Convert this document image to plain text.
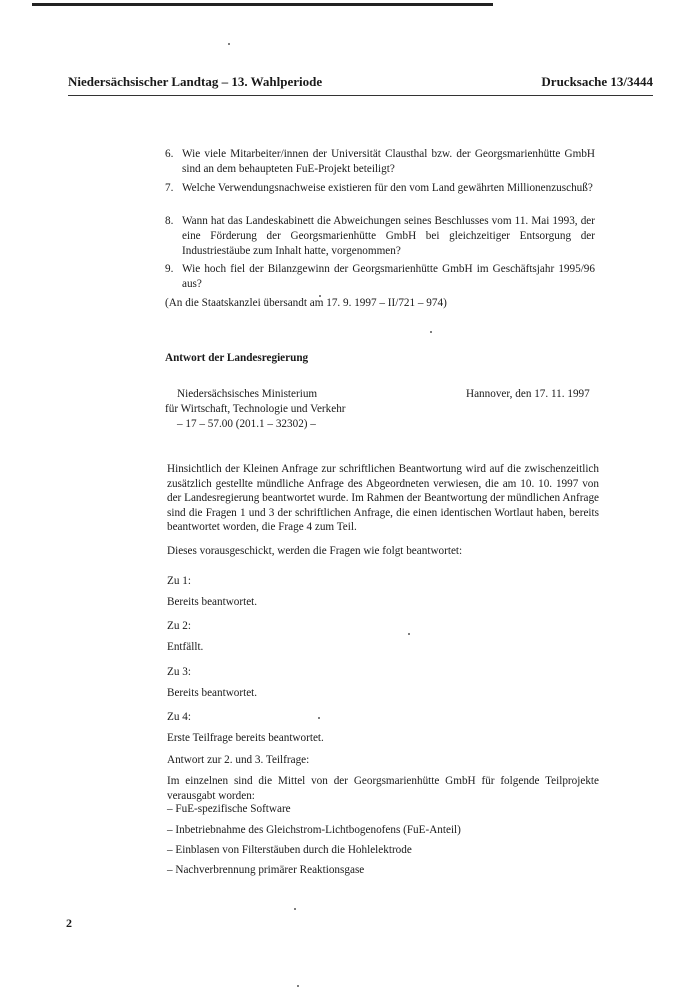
Niedersächsischer Landtag – 13. Wahlperiode	Drucksache 13/3444
6. Wie viele Mitarbeiter/innen der Universität Clausthal bzw. der Georgsmarienhütte GmbH sind an dem behaupteten FuE-Projekt beteiligt?
7. Welche Verwendungsnachweise existieren für den vom Land gewährten Millionenzuschuß?
8. Wann hat das Landeskabinett die Abweichungen seines Beschlusses vom 11. Mai 1993, der eine Förderung der Georgsmarienhütte GmbH bei gleichzeitiger Entsorgung der Industriestäube zum Inhalt hatte, vorgenommen?
9. Wie hoch fiel der Bilanzgewinn der Georgsmarienhütte GmbH im Geschäftsjahr 1995/96 aus?
(An die Staatskanzlei übersandt am 17. 9. 1997 – II/721 – 974)
Antwort der Landesregierung
Niedersächsisches Ministerium
für Wirtschaft, Technologie und Verkehr
– 17 – 57.00 (201.1 – 32302) –
Hannover, den 17. 11. 1997
Hinsichtlich der Kleinen Anfrage zur schriftlichen Beantwortung wird auf die zwischenzeitlich zusätzlich gestellte mündliche Anfrage des Abgeordneten verwiesen, die am 10. 10. 1997 von der Landesregierung beantwortet wurde. Im Rahmen der Beantwortung der mündlichen Anfrage sind die Fragen 1 und 3 der schriftlichen Anfrage, die einen identischen Wortlaut haben, bereits beantwortet worden, die Frage 4 zum Teil.
Dieses vorausgeschickt, werden die Fragen wie folgt beantwortet:
Zu 1:
Bereits beantwortet.
Zu 2:
Entfällt.
Zu 3:
Bereits beantwortet.
Zu 4:
Erste Teilfrage bereits beantwortet.
Antwort zur 2. und 3. Teilfrage:
Im einzelnen sind die Mittel von der Georgsmarienhütte GmbH für folgende Teilprojekte verausgabt worden:
– FuE-spezifische Software
– Inbetriebnahme des Gleichstrom-Lichtbogenofens (FuE-Anteil)
– Einblasen von Filterstäuben durch die Hohlelektrode
– Nachverbrennung primärer Reaktionsgase
2
